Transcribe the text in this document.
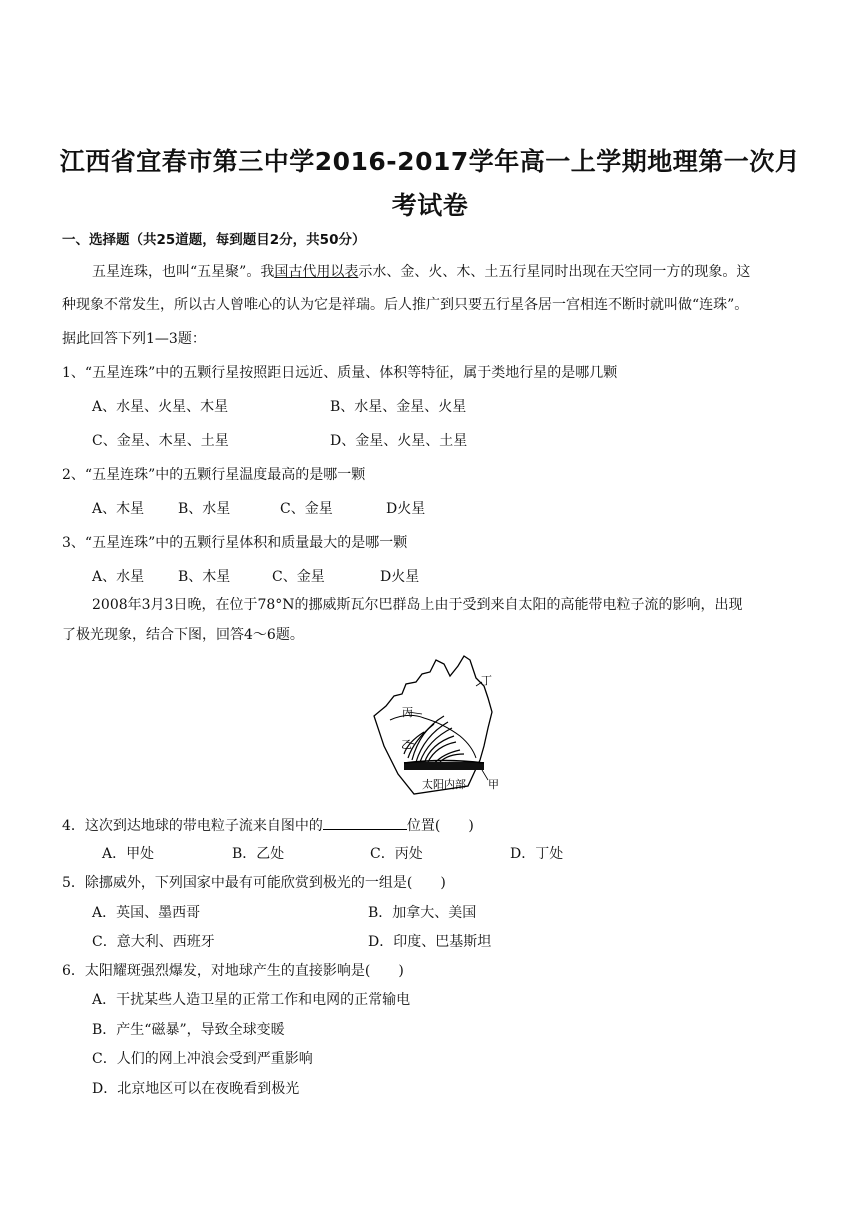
江西省宜春市第三中学2016-2017学年高一上学期地理第一次月
考试卷
一、选择题（共25道题，每到题目2分，共50分）
五星连珠，也叫“五星聚”。我国古代用以表示水、金、火、木、土五行星同时出现在天空同一方的现象。这
种现象不常发生，所以古人曾唯心的认为它是祥瑞。后人推广到只要五行星各居一宫相连不断时就叫做“连珠”。
据此回答下列1—3题：
1、“五星连珠”中的五颗行星按照距日远近、质量、体积等特征，属于类地行星的是哪几颗
A、水星、火星、木星	B、水星、金星、火星
C、金星、木星、土星	D、金星、火星、土星
2、“五星连珠”中的五颗行星温度最高的是哪一颗
A、木星 B、水星	C、金星	D火星
3、“五星连珠”中的五颗行星体积和质量最大的是哪一颗
A、水星 B、木星	C、金星	D火星
2008年3月3日晚，在位于78°N的挪威斯瓦尔巴群岛上由于受到来自太阳的高能带电粒子流的影响，出现
了极光现象，结合下图，回答4～6题。
丁
丙
乙
甲
太阳内部
4．这次到达地球的带电粒子流来自图中的	位置(　　)
A．甲处	B．乙处	C．丙处	D．丁处
5．除挪威外，下列国家中最有可能欣赏到极光的一组是(　　)
A．英国、墨西哥	B．加拿大、美国
C．意大利、西班牙	D．印度、巴基斯坦
6．太阳耀斑强烈爆发，对地球产生的直接影响是(　　)
A．干扰某些人造卫星的正常工作和电网的正常输电
B．产生“磁暴”，导致全球变暖
C．人们的网上冲浪会受到严重影响
D．北京地区可以在夜晚看到极光
